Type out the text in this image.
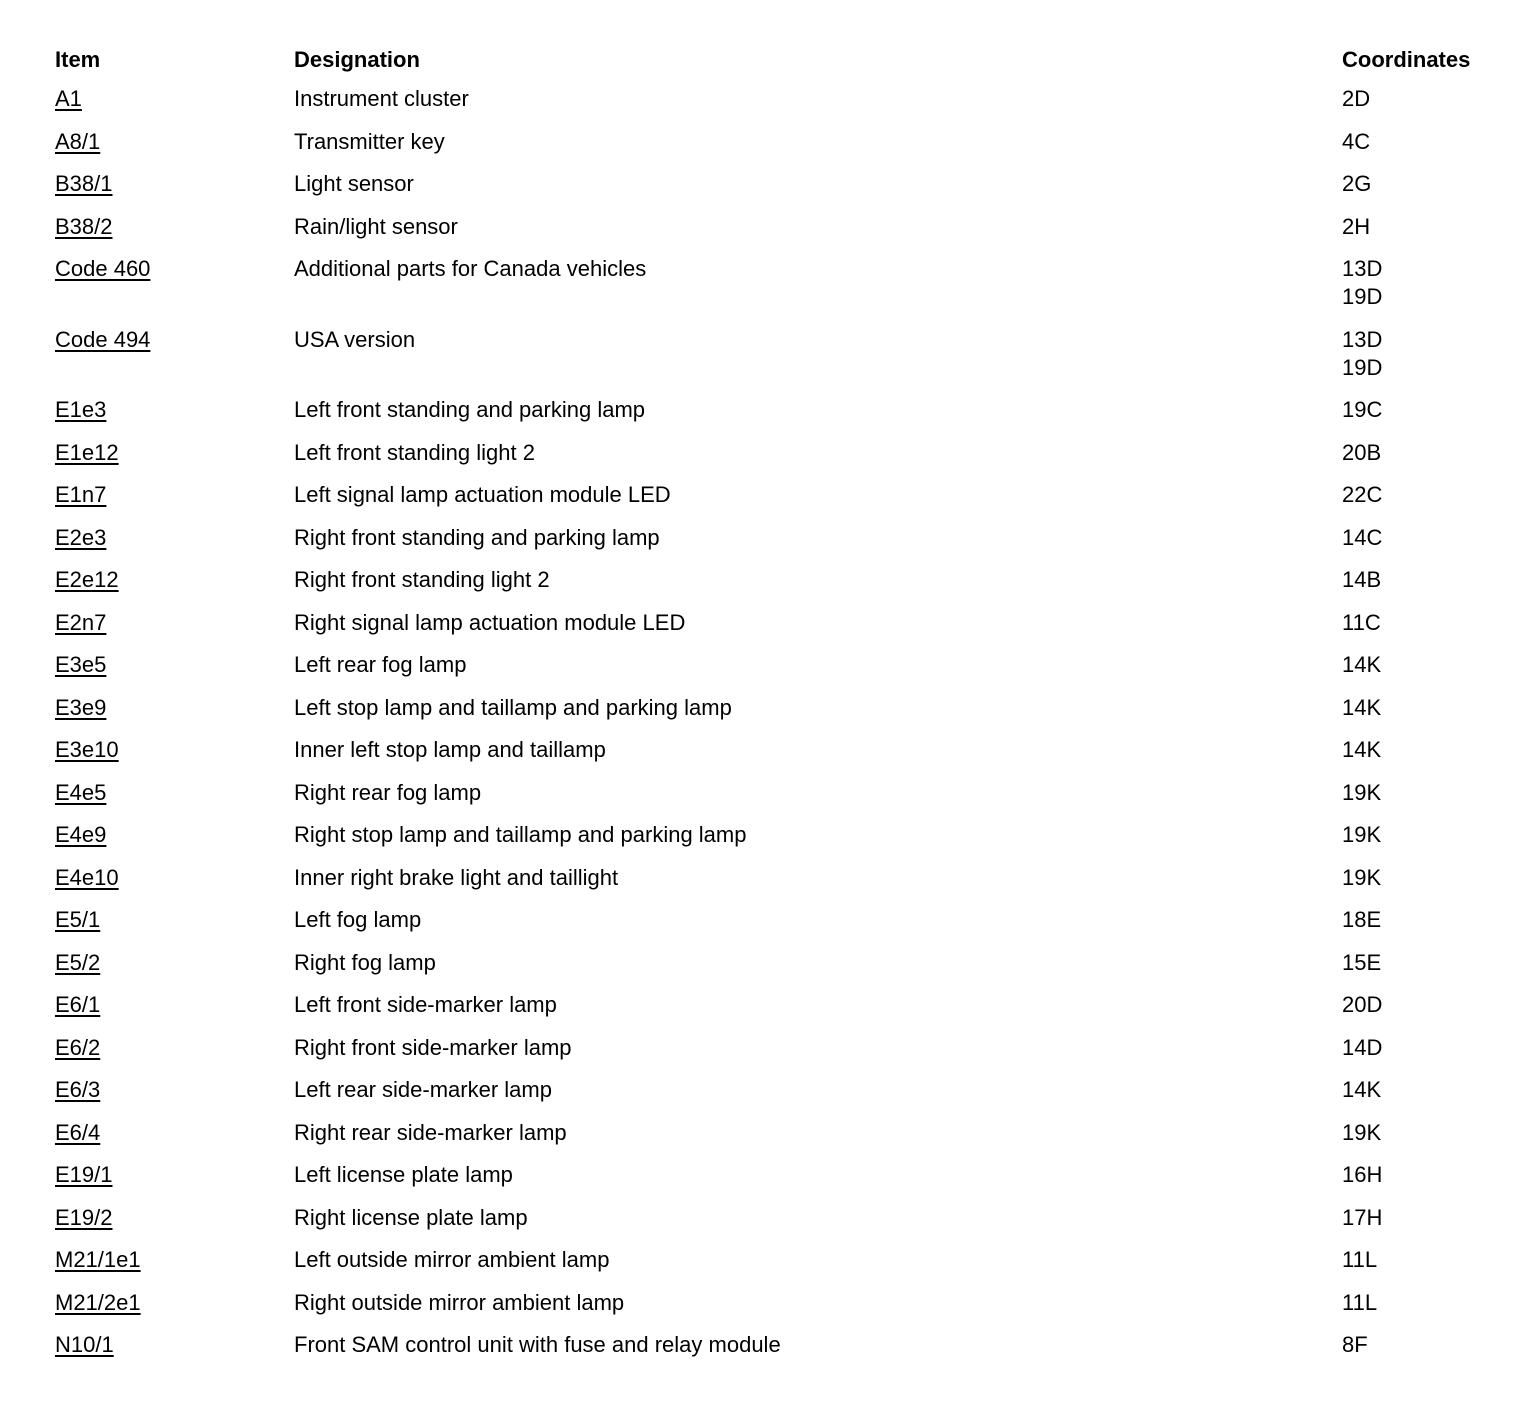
Item	Designation	Coordinates
A1	Instrument cluster	2D
A8/1	Transmitter key	4C
B38/1	Light sensor	2G
B38/2	Rain/light sensor	2H
Code 460	Additional parts for Canada vehicles	13D
19D
Code 494	USA version	13D
19D
E1e3	Left front standing and parking lamp	19C
E1e12	Left front standing light 2	20B
E1n7	Left signal lamp actuation module LED	22C
E2e3	Right front standing and parking lamp	14C
E2e12	Right front standing light 2	14B
E2n7	Right signal lamp actuation module LED	11C
E3e5	Left rear fog lamp	14K
E3e9	Left stop lamp and taillamp and parking lamp	14K
E3e10	Inner left stop lamp and taillamp	14K
E4e5	Right rear fog lamp	19K
E4e9	Right stop lamp and taillamp and parking lamp	19K
E4e10	Inner right brake light and taillight	19K
E5/1	Left fog lamp	18E
E5/2	Right fog lamp	15E
E6/1	Left front side-marker lamp	20D
E6/2	Right front side-marker lamp	14D
E6/3	Left rear side-marker lamp	14K
E6/4	Right rear side-marker lamp	19K
E19/1	Left license plate lamp	16H
E19/2	Right license plate lamp	17H
M21/1e1	Left outside mirror ambient lamp	11L
M21/2e1	Right outside mirror ambient lamp	11L
N10/1	Front SAM control unit with fuse and relay module	8F
